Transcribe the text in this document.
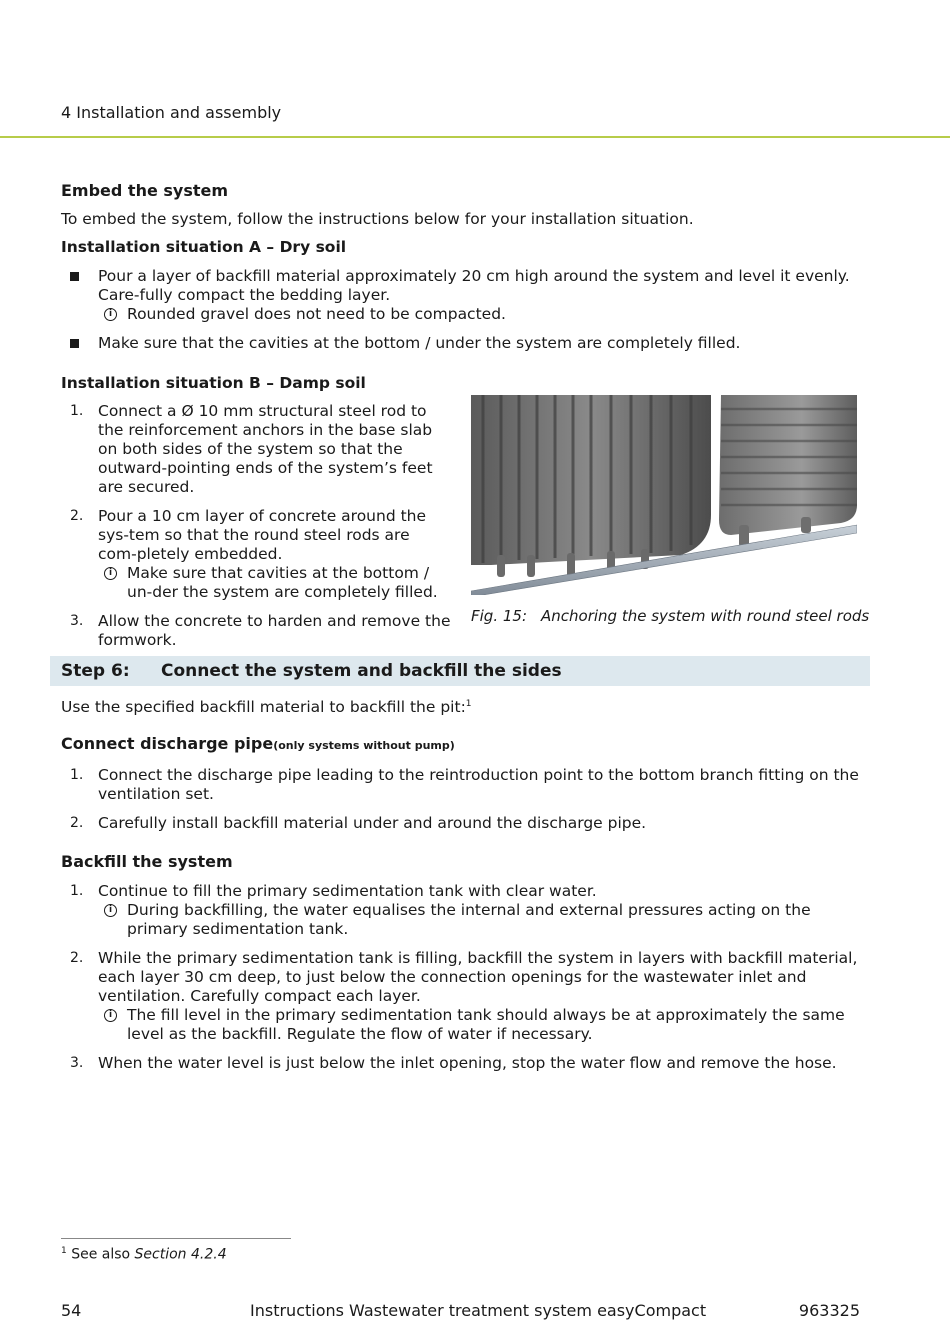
4 Installation and assembly
Embed the system

To embed the system, follow the instructions below for your installation situation.

Installation situation A – Dry soil
Pour a layer of backfill material approximately 20 cm high around the system and level it evenly. Care-fully compact the bedding layer.
i Rounded gravel does not need to be compacted.
Make sure that the cavities at the bottom / under the system are completely filled.
Installation situation B – Damp soil
1. Connect a Ø 10 mm structural steel rod to the reinforcement anchors in the base slab on both sides of the system so that the outward-pointing ends of the system’s feet are secured.
2. Pour a 10 cm layer of concrete around the sys-tem so that the round steel rods are com-pletely embedded.
i Make sure that cavities at the bottom / un-der the system are completely filled.
3. Allow the concrete to harden and remove the formwork.
Fig. 15: Anchoring the system with round steel rods
Step 6: Connect the system and backfill the sides

Use the specified backfill material to backfill the pit:$^1$

Connect discharge pipe(only systems without pump)
1. Connect the discharge pipe leading to the reintroduction point to the bottom branch fitting on the ventilation set.
2. Carefully install backfill material under and around the discharge pipe.
Backfill the system
1. Continue to fill the primary sedimentation tank with clear water.
i During backfilling, the water equalises the internal and external pressures acting on the primary sedimentation tank.
2. While the primary sedimentation tank is filling, backfill the system in layers with backfill material, each layer 30 cm deep, to just below the connection openings for the wastewater inlet and ventilation. Carefully compact each layer.
i The fill level in the primary sedimentation tank should always be at approximately the same level as the backfill. Regulate the flow of water if necessary.
3. When the water level is just below the inlet opening, stop the water flow and remove the hose.
$^1$ See also Section 4.2.4
54	Instructions Wastewater treatment system easyCompact	963325
